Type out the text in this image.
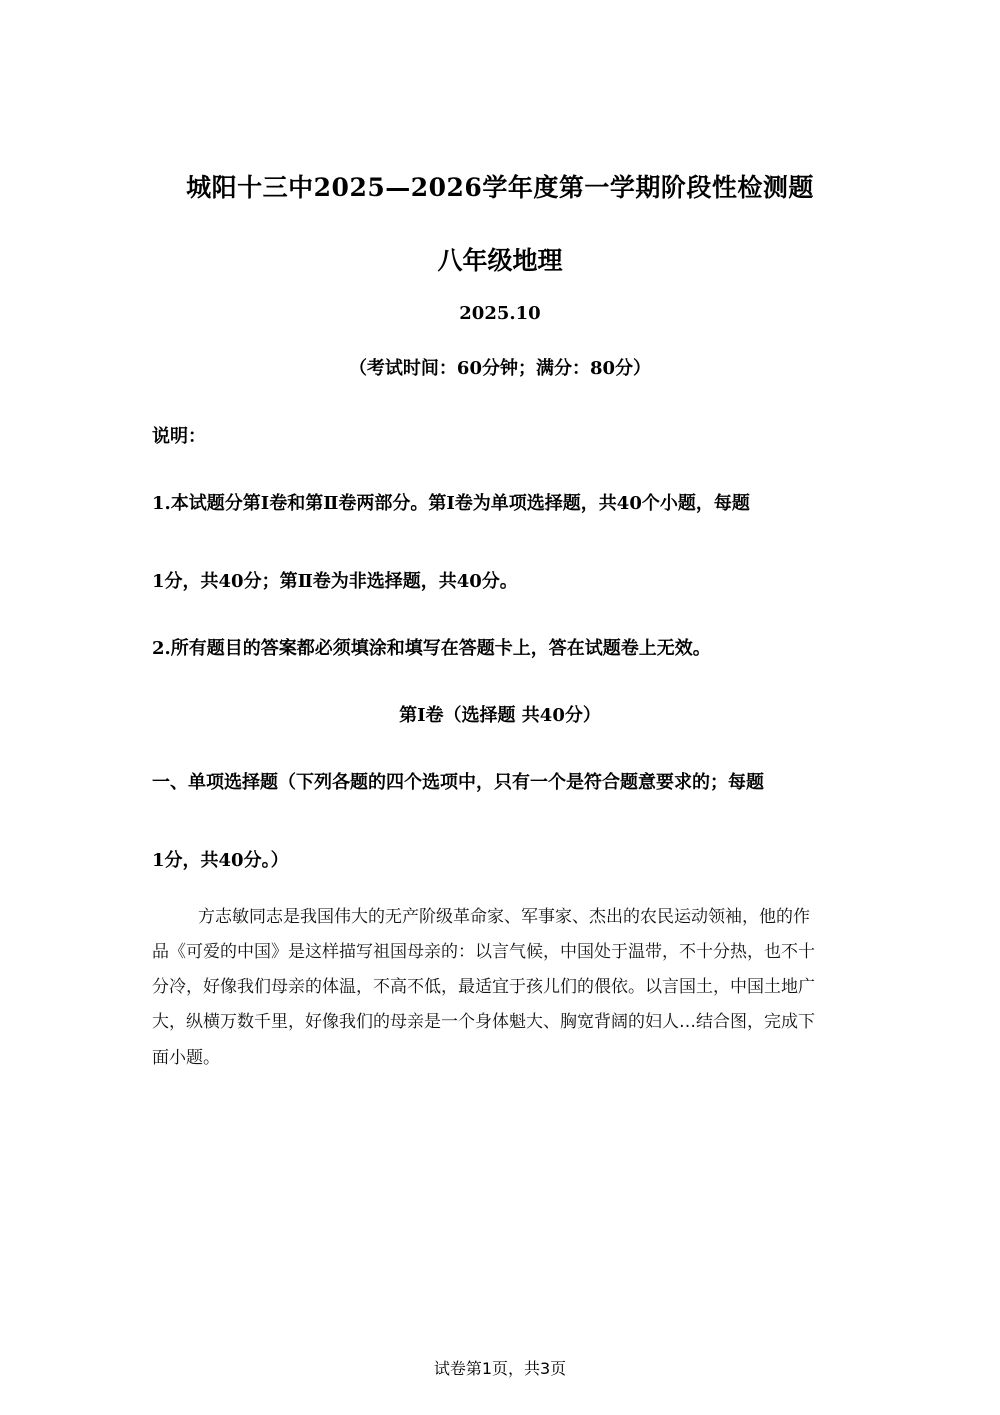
城阳十三中2025—2026学年度第一学期阶段性检测题
八年级地理
2025.10
（考试时间：60分钟；满分：80分）
说明：
1.本试题分第Ⅰ卷和第Ⅱ卷两部分。第Ⅰ卷为单项选择题，共40个小题，每题
1分，共40分；第Ⅱ卷为非选择题，共40分。
2.所有题目的答案都必须填涂和填写在答题卡上，答在试题卷上无效。
第Ⅰ卷（选择题 共40分）
一、单项选择题（下列各题的四个选项中，只有一个是符合题意要求的；每题
1分，共40分。）
方志敏同志是我国伟大的无产阶级革命家、军事家、杰出的农民运动领袖，他的作
品《可爱的中国》是这样描写祖国母亲的：以言气候，中国处于温带，不十分热，也不十
分冷，好像我们母亲的体温，不高不低，最适宜于孩儿们的偎依。以言国土，中国土地广
大，纵横万数千里，好像我们的母亲是一个身体魁大、胸宽背阔的妇人…结合图，完成下
面小题。
试卷第1页，共3页
